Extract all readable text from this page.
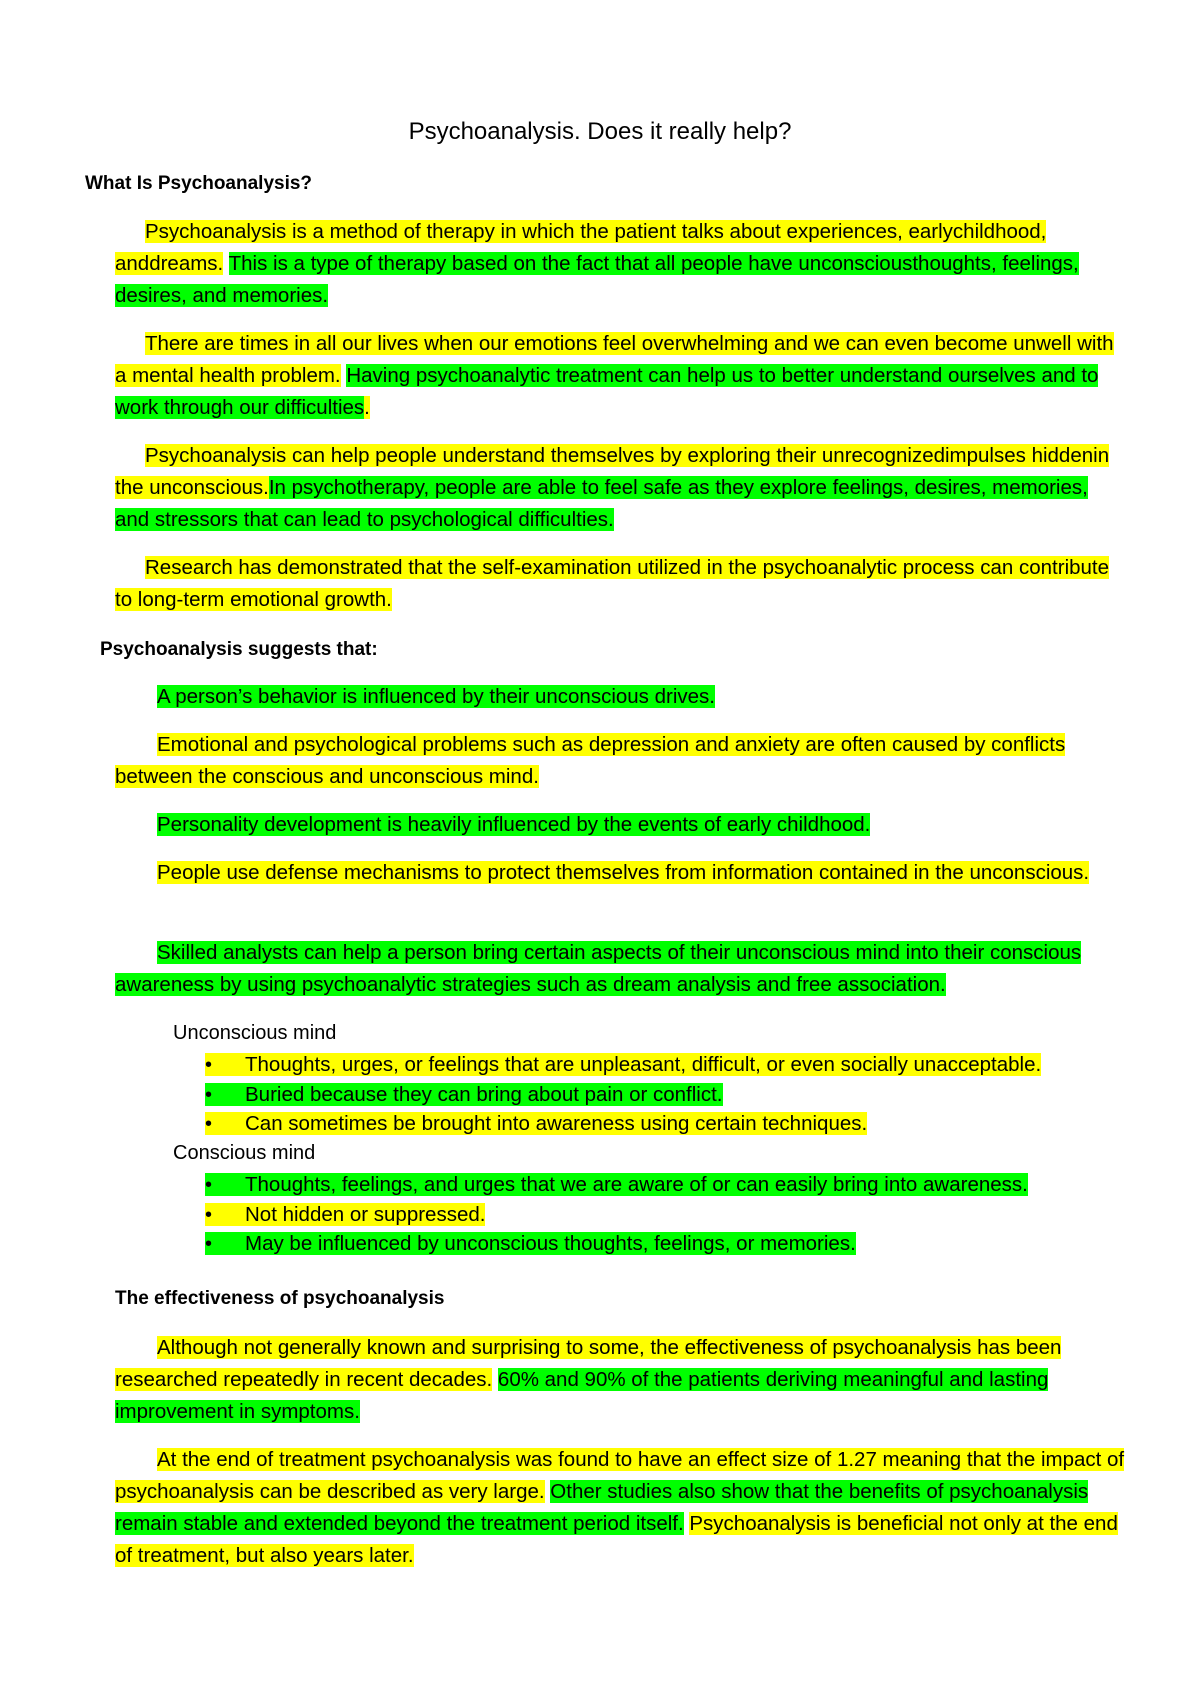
Psychoanalysis. Does it really help?
What Is Psychoanalysis?
Psychoanalysis is a method of therapy in which the patient talks about experiences, earlychildhood, anddreams. This is a type of therapy based on the fact that all people have unconsciousthoughts, feelings, desires, and memories.
There are times in all our lives when our emotions feel overwhelming and we can even become unwell with a mental health problem. Having psychoanalytic treatment can help us to better understand ourselves and to work through our difficulties.
Psychoanalysis can help people understand themselves by exploring their unrecognizedimpulses hiddenin the unconscious.In psychotherapy, people are able to feel safe as they explore feelings, desires, memories, and stressors that can lead to psychological difficulties.
Research has demonstrated that the self-examination utilized in the psychoanalytic process can contribute to long-term emotional growth.
Psychoanalysis suggests that:
A person’s behavior is influenced by their unconscious drives.
Emotional and psychological problems such as depression and anxiety are often caused by conflicts between the conscious and unconscious mind.
Personality development is heavily influenced by the events of early childhood.
People use defense mechanisms to protect themselves from information contained in the unconscious.
Skilled analysts can help a person bring certain aspects of their unconscious mind into their conscious awareness by using psychoanalytic strategies such as dream analysis and free association.
Unconscious mind
• Thoughts, urges, or feelings that are unpleasant, difficult, or even socially unacceptable.
• Buried because they can bring about pain or conflict.
• Can sometimes be brought into awareness using certain techniques.
Conscious mind
• Thoughts, feelings, and urges that we are aware of or can easily bring into awareness.
• Not hidden or suppressed.
• May be influenced by unconscious thoughts, feelings, or memories.
The effectiveness of psychoanalysis
Although not generally known and surprising to some, the effectiveness of psychoanalysis has been researched repeatedly in recent decades. 60% and 90% of the patients deriving meaningful and lasting improvement in symptoms.
At the end of treatment psychoanalysis was found to have an effect size of 1.27 meaning that the impact of psychoanalysis can be described as very large. Other studies also show that the benefits of psychoanalysis remain stable and extended beyond the treatment period itself. Psychoanalysis is beneficial not only at the end of treatment, but also years later.
